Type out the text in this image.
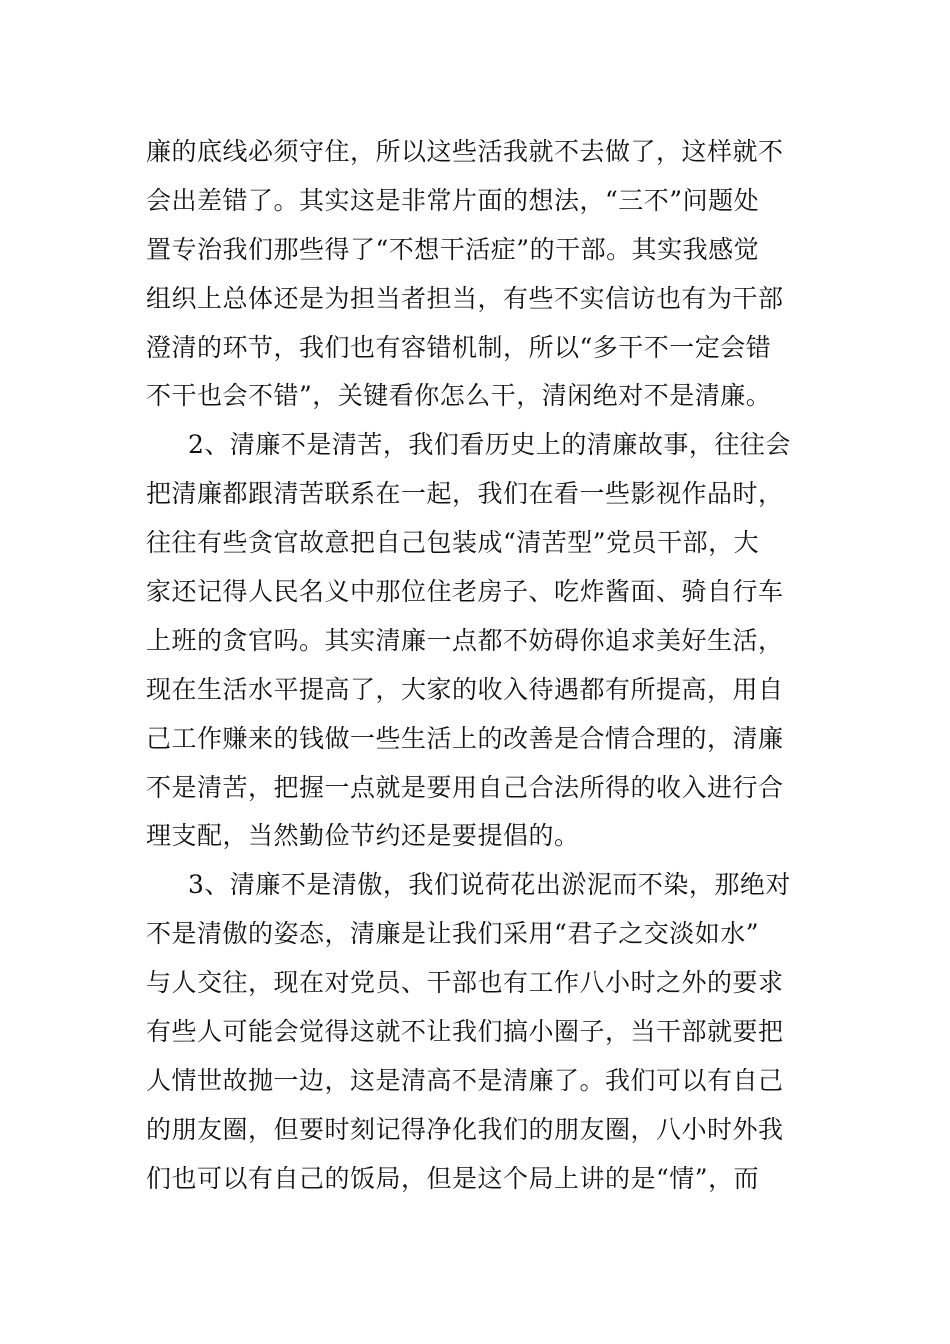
廉的底线必须守住，所以这些活我就不去做了，这样就不
会出差错了。其实这是非常片面的想法，“三不”问题处
置专治我们那些得了“不想干活症”的干部。其实我感觉
组织上总体还是为担当者担当，有些不实信访也有为干部
澄清的环节，我们也有容错机制，所以“多干不一定会错
不干也会不错”，关键看你怎么干，清闲绝对不是清廉。
2、清廉不是清苦，我们看历史上的清廉故事，往往会
把清廉都跟清苦联系在一起，我们在看一些影视作品时，
往往有些贪官故意把自己包装成“清苦型”党员干部，大
家还记得人民名义中那位住老房子、吃炸酱面、骑自行车
上班的贪官吗。其实清廉一点都不妨碍你追求美好生活，
现在生活水平提高了，大家的收入待遇都有所提高，用自
己工作赚来的钱做一些生活上的改善是合情合理的，清廉
不是清苦，把握一点就是要用自己合法所得的收入进行合
理支配，当然勤俭节约还是要提倡的。
3、清廉不是清傲，我们说荷花出淤泥而不染，那绝对
不是清傲的姿态，清廉是让我们采用“君子之交淡如水”
与人交往，现在对党员、干部也有工作八小时之外的要求
有些人可能会觉得这就不让我们搞小圈子，当干部就要把
人情世故抛一边，这是清高不是清廉了。我们可以有自己
的朋友圈，但要时刻记得净化我们的朋友圈，八小时外我
们也可以有自己的饭局，但是这个局上讲的是“情”，而
